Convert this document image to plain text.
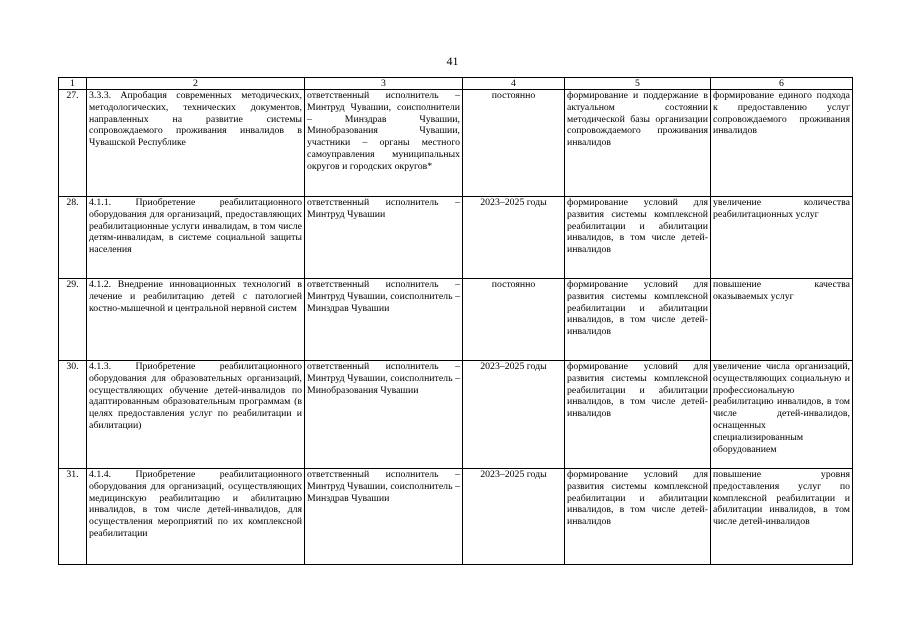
41
1	2	3	4	5	6
27.	3.3.3. Апробация современных методических, методологических, технических документов, направленных на развитие системы сопровождаемого проживания инвалидов в Чувашской Республике	ответственный исполнитель – Минтруд Чувашии, соисполнители – Минздрав Чувашии, Минобразования Чувашии, участники – органы местного самоуправления муниципальных округов и городских округов*	постоянно	формирование и поддержание в актуальном состоянии методической базы организации сопровождаемого проживания инвалидов	формирование единого подхода к предоставлению услуг сопровождаемого проживания инвалидов
28.	4.1.1. Приобретение реабилитационного оборудования для организаций, предоставляющих реабилитационные услуги инвалидам, в том числе детям-инвалидам, в системе социальной защиты населения	ответственный исполнитель – Минтруд Чувашии	2023–2025 годы	формирование условий для развития системы комплексной реабилитации и абилитации инвалидов, в том числе детей-инвалидов	увеличение количества реабилитационных услуг
29.	4.1.2. Внедрение инновационных технологий в лечение и реабилитацию детей с патологией костно-мышечной и центральной нервной систем	ответственный исполнитель – Минтруд Чувашии, соисполнитель – Минздрав Чувашии	постоянно	формирование условий для развития системы комплексной реабилитации и абилитации инвалидов, в том числе детей-инвалидов	повышение качества оказываемых услуг
30.	4.1.3. Приобретение реабилитационного оборудования для образовательных организаций, осуществляющих обучение детей-инвалидов по адаптированным образовательным программам (в целях предоставления услуг по реабилитации и абилитации)	ответственный исполнитель – Минтруд Чувашии, соисполнитель – Минобразования Чувашии	2023–2025 годы	формирование условий для развития системы комплексной реабилитации и абилитации инвалидов, в том числе детей-инвалидов	увеличение числа организаций, осуществляющих социальную и профессиональную реабилитацию инвалидов, в том числе детей-инвалидов, оснащенных специализированным оборудованием
31.	4.1.4. Приобретение реабилитационного оборудования для организаций, осуществляющих медицинскую реабилитацию и абилитацию инвалидов, в том числе детей-инвалидов, для осуществления мероприятий по их комплексной реабилитации	ответственный исполнитель – Минтруд Чувашии, соисполнитель – Минздрав Чувашии	2023–2025 годы	формирование условий для развития системы комплексной реабилитации и абилитации инвалидов, в том числе детей-инвалидов	повышение уровня предоставления услуг по комплексной реабилитации и абилитации инвалидов, в том числе детей-инвалидов
